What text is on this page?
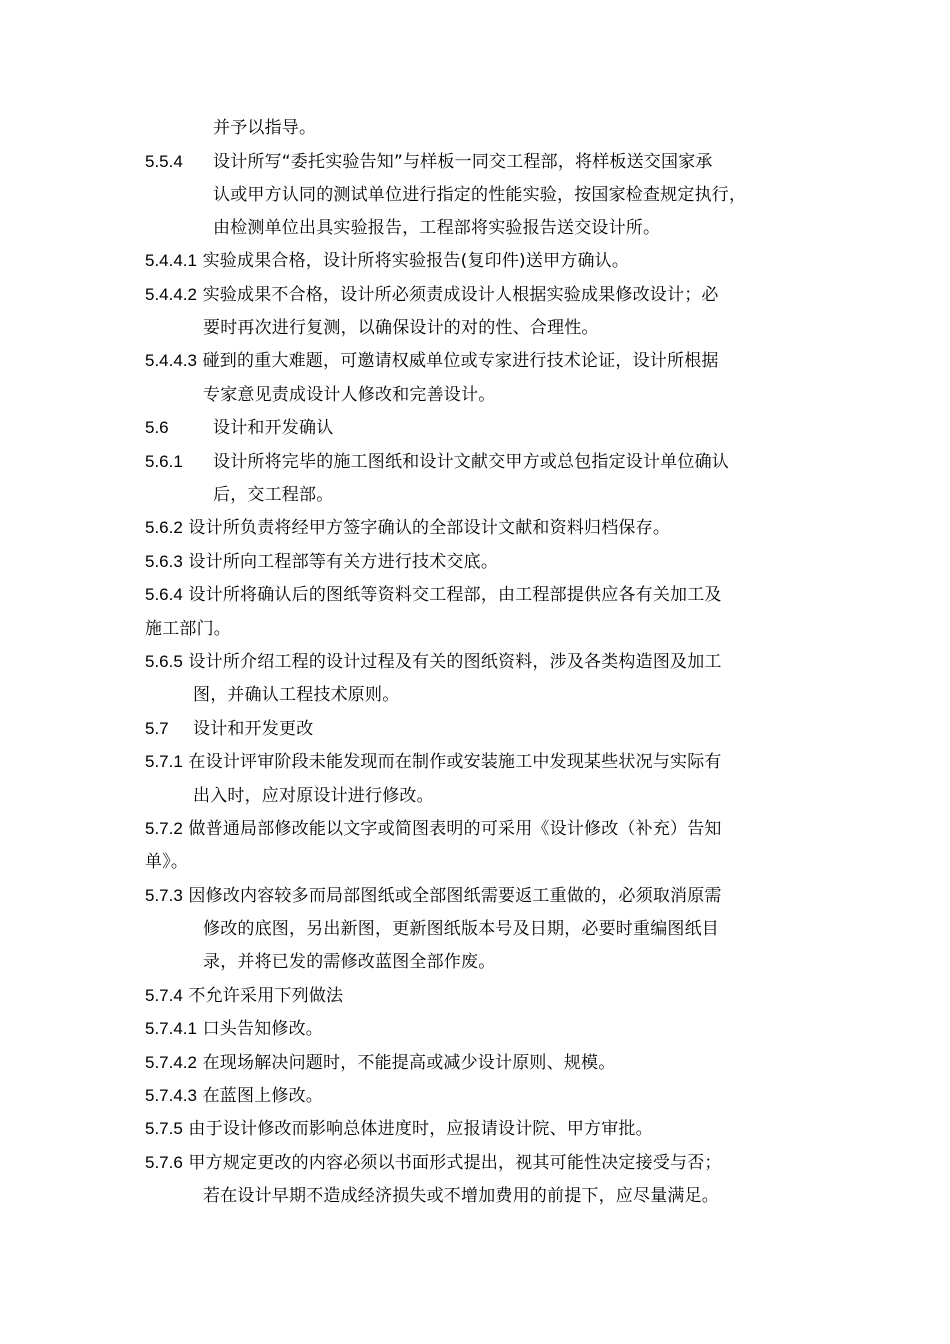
并予以指导。
5.5.4 设计所写“委托实验告知”与样板一同交工程部，将样板送交国家承
认或甲方认同的测试单位进行指定的性能实验，按国家检查规定执行，
由检测单位出具实验报告，工程部将实验报告送交设计所。
5.4.4.1 实验成果合格，设计所将实验报告(复印件)送甲方确认。
5.4.4.2 实验成果不合格，设计所必须责成设计人根据实验成果修改设计；必
要时再次进行复测，以确保设计的对的性、合理性。
5.4.4.3 碰到的重大难题，可邀请权威单位或专家进行技术论证，设计所根据
专家意见责成设计人修改和完善设计。
5.6	设计和开发确认
5.6.1 设计所将完毕的施工图纸和设计文献交甲方或总包指定设计单位确认
后，交工程部。
5.6.2 设计所负责将经甲方签字确认的全部设计文献和资料归档保存。
5.6.3 设计所向工程部等有关方进行技术交底。
5.6.4 设计所将确认后的图纸等资料交工程部，由工程部提供应各有关加工及
施工部门。
5.6.5 设计所介绍工程的设计过程及有关的图纸资料，涉及各类构造图及加工
图，并确认工程技术原则。
5.7 设计和开发更改
5.7.1 在设计评审阶段未能发现而在制作或安装施工中发现某些状况与实际有
出入时，应对原设计进行修改。
5.7.2 做普通局部修改能以文字或简图表明的可采用《设计修改（补充）告知
单》。
5.7.3 因修改内容较多而局部图纸或全部图纸需要返工重做的，必须取消原需
修改的底图，另出新图，更新图纸版本号及日期，必要时重编图纸目
录，并将已发的需修改蓝图全部作废。
5.7.4 不允许采用下列做法
5.7.4.1 口头告知修改。
5.7.4.2 在现场解决问题时，不能提高或减少设计原则、规模。
5.7.4.3 在蓝图上修改。
5.7.5 由于设计修改而影响总体进度时，应报请设计院、甲方审批。
5.7.6 甲方规定更改的内容必须以书面形式提出，视其可能性决定接受与否；
若在设计早期不造成经济损失或不增加费用的前提下，应尽量满足。
